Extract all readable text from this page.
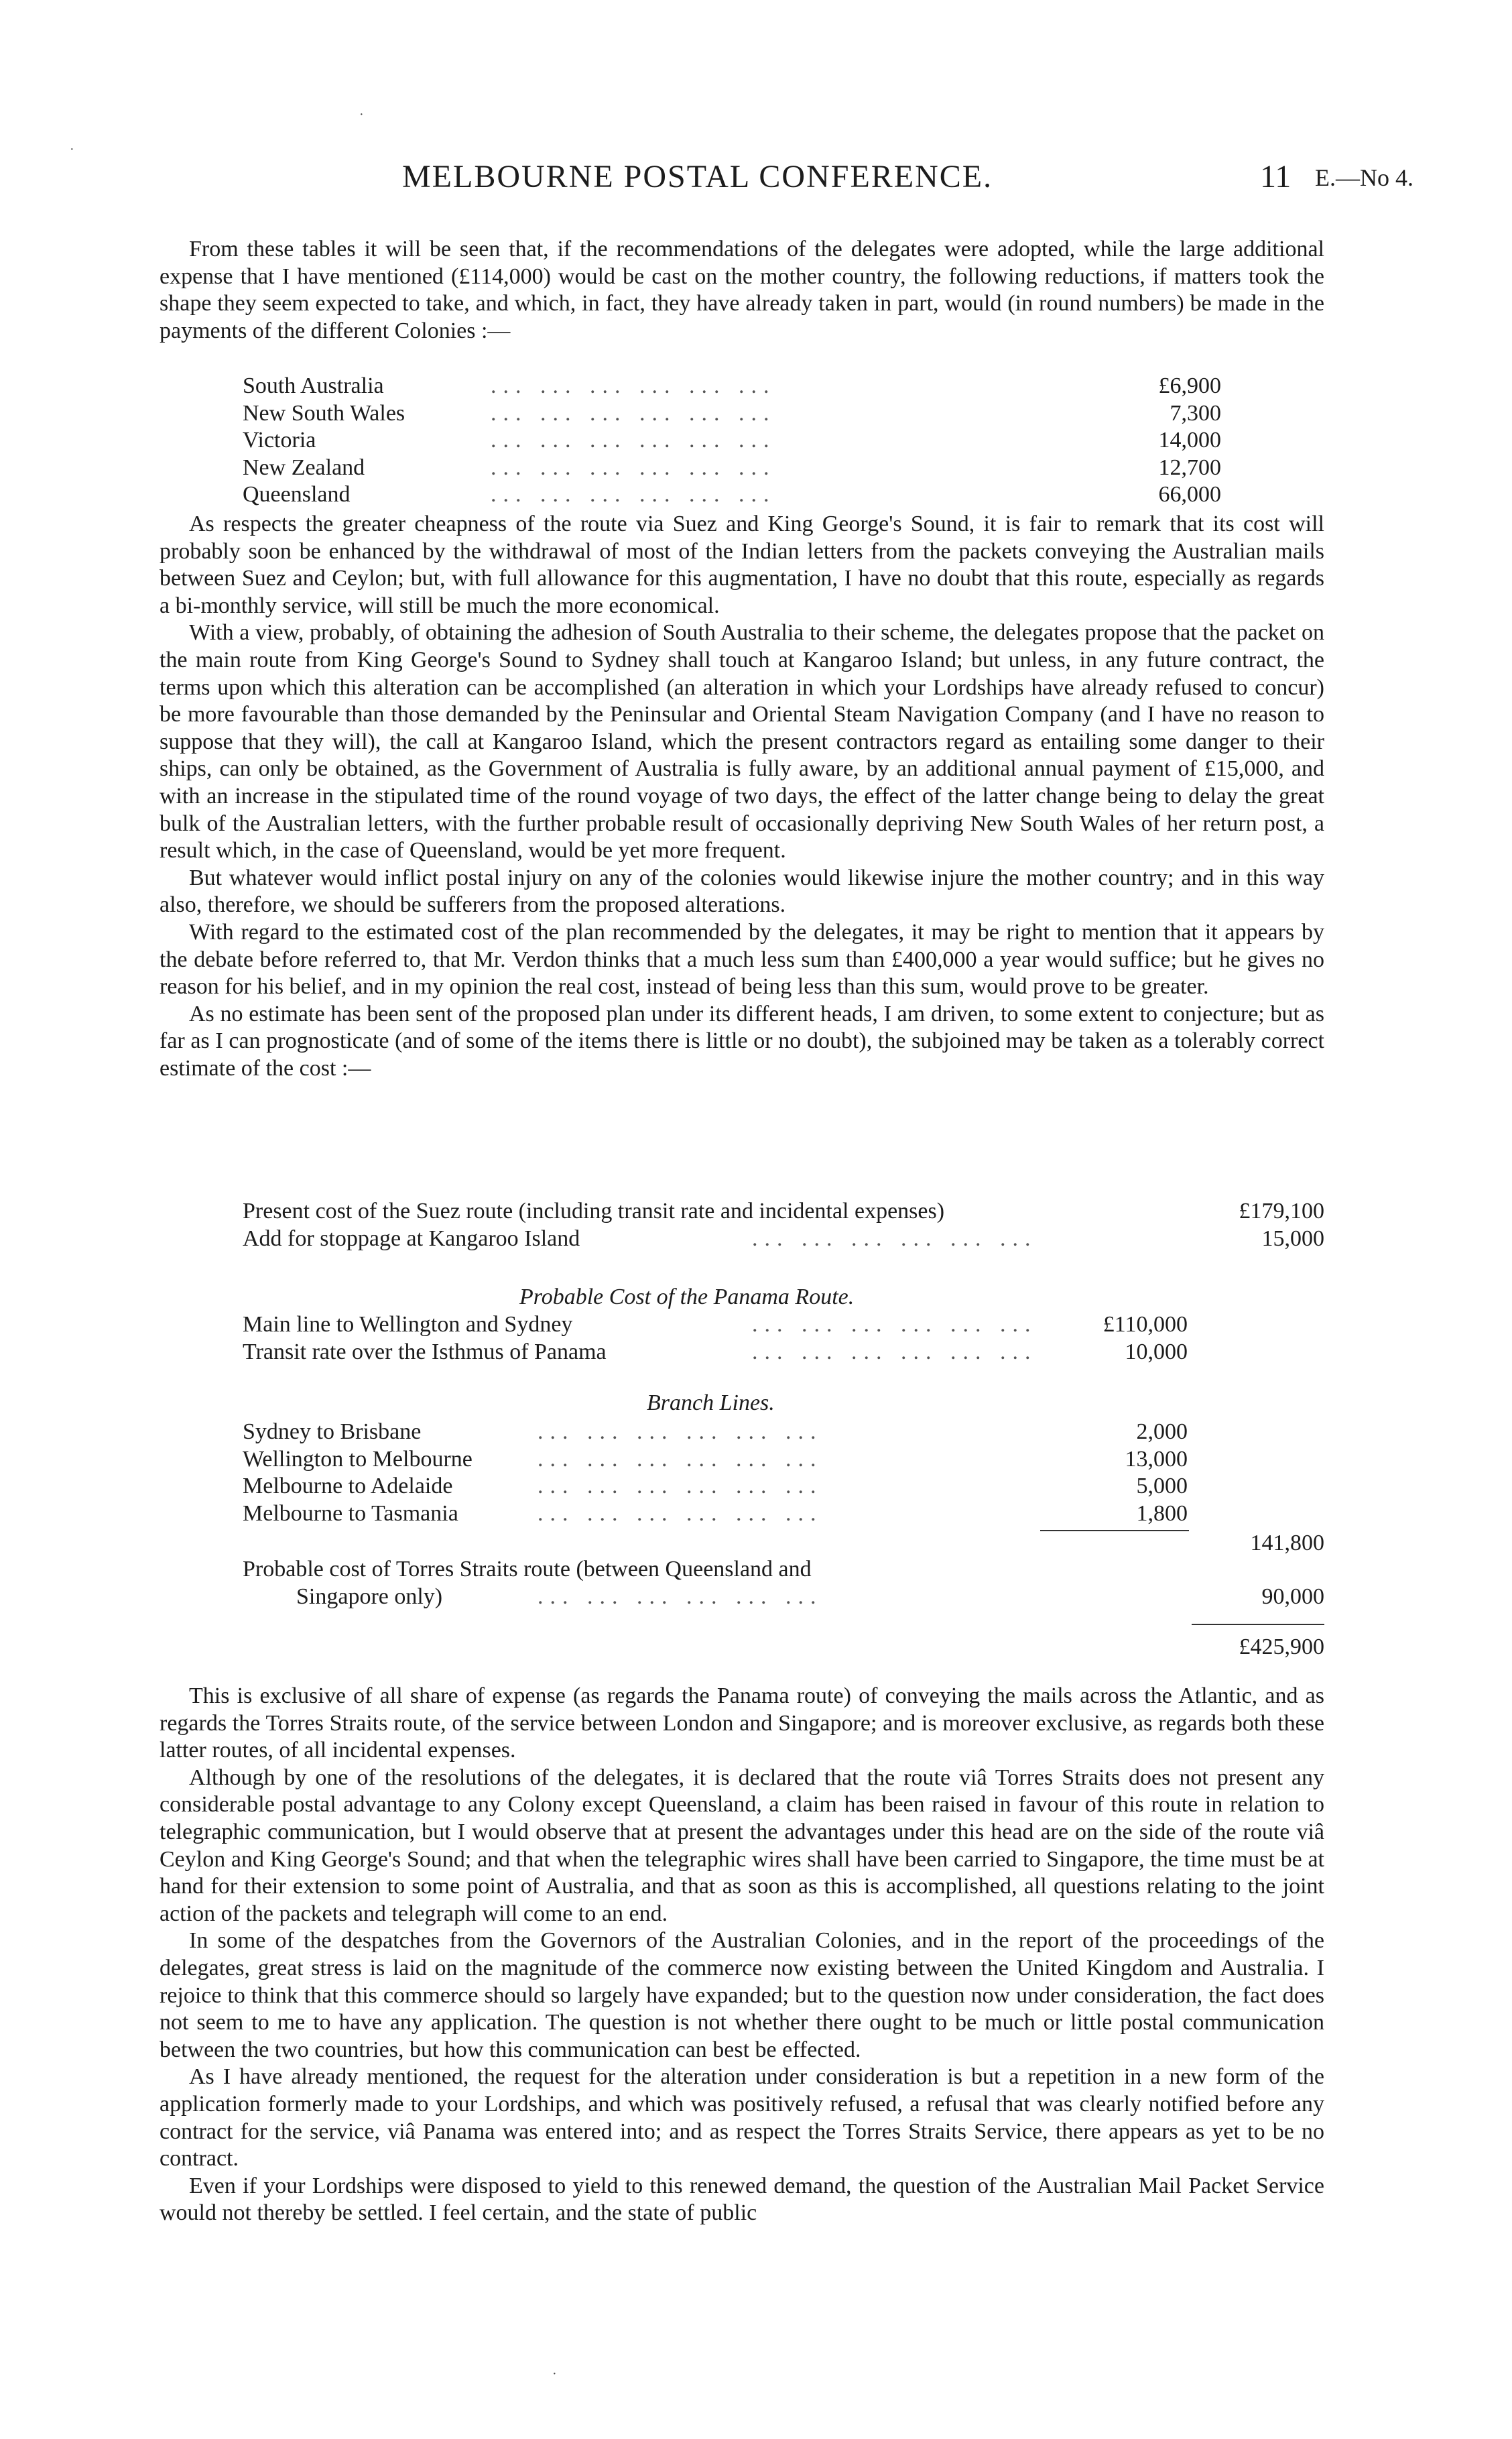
MELBOURNE POSTAL CONFERENCE.	11 E.—No 4.

From these tables it will be seen that, if the recommendations of the delegates were adopted, while the large additional expense that I have mentioned (£114,000) would be cast on the mother country, the following reductions, if matters took the shape they seem expected to take, and which, in fact, they have already taken in part, would (in round numbers) be made in the payments of the different Colonies :—

South Australia	... ... ... ... ... ...	£6,900
New South Wales	... ... ... ... ... ...	7,300
Victoria	... ... ... ... ... ...	14,000
New Zealand	... ... ... ... ... ...	12,700
Queensland	... ... ... ... ... ...	66,000

As respects the greater cheapness of the route via Suez and King George's Sound, it is fair to remark that its cost will probably soon be enhanced by the withdrawal of most of the Indian letters from the packets conveying the Australian mails between Suez and Ceylon; but, with full allowance for this augmentation, I have no doubt that this route, especially as regards a bi-monthly service, will still be much the more economical.

With a view, probably, of obtaining the adhesion of South Australia to their scheme, the delegates propose that the packet on the main route from King George's Sound to Sydney shall touch at Kangaroo Island; but unless, in any future contract, the terms upon which this alteration can be accomplished (an alteration in which your Lordships have already refused to concur) be more favourable than those demanded by the Peninsular and Oriental Steam Navigation Company (and I have no reason to suppose that they will), the call at Kangaroo Island, which the present contractors regard as entailing some danger to their ships, can only be obtained, as the Government of Australia is fully aware, by an additional annual payment of £15,000, and with an increase in the stipulated time of the round voyage of two days, the effect of the latter change being to delay the great bulk of the Australian letters, with the further probable result of occasionally depriving New South Wales of her return post, a result which, in the case of Queensland, would be yet more frequent.

But whatever would inflict postal injury on any of the colonies would likewise injure the mother country; and in this way also, therefore, we should be sufferers from the proposed alterations.

With regard to the estimated cost of the plan recommended by the delegates, it may be right to mention that it appears by the debate before referred to, that Mr. Verdon thinks that a much less sum than £400,000 a year would suffice; but he gives no reason for his belief, and in my opinion the real cost, instead of being less than this sum, would prove to be greater.

As no estimate has been sent of the proposed plan under its different heads, I am driven, to some extent to conjecture; but as far as I can prognosticate (and of some of the items there is little or no doubt), the subjoined may be taken as a tolerably correct estimate of the cost :—

Present cost of the Suez route (including transit rate and incidental expenses)	£179,100
Add for stoppage at Kangaroo Island	... ... ... ... ... ...	15,000
Probable Cost of the Panama Route.
Main line to Wellington and Sydney	... ... ... ... ... ...	£110,000
Transit rate over the Isthmus of Panama	... ... ... ... ... ...	10,000
Branch Lines.
Sydney to Brisbane	... ... ... ... ... ...	2,000
Wellington to Melbourne	... ... ... ... ... ...	13,000
Melbourne to Adelaide	... ... ... ... ... ...	5,000
Melbourne to Tasmania	... ... ... ... ... ...	1,800
141,800
Probable cost of Torres Straits route (between Queensland and
Singapore only)	... ... ... ... ... ...	90,000
£425,900

This is exclusive of all share of expense (as regards the Panama route) of conveying the mails across the Atlantic, and as regards the Torres Straits route, of the service between London and Singapore; and is moreover exclusive, as regards both these latter routes, of all incidental expenses.

Although by one of the resolutions of the delegates, it is declared that the route viâ Torres Straits does not present any considerable postal advantage to any Colony except Queensland, a claim has been raised in favour of this route in relation to telegraphic communication, but I would observe that at present the advantages under this head are on the side of the route viâ Ceylon and King George's Sound; and that when the telegraphic wires shall have been carried to Singapore, the time must be at hand for their extension to some point of Australia, and that as soon as this is accomplished, all questions relating to the joint action of the packets and telegraph will come to an end.

In some of the despatches from the Governors of the Australian Colonies, and in the report of the proceedings of the delegates, great stress is laid on the magnitude of the commerce now existing between the United Kingdom and Australia. I rejoice to think that this commerce should so largely have expanded; but to the question now under consideration, the fact does not seem to me to have any application. The question is not whether there ought to be much or little postal communication between the two countries, but how this communication can best be effected.

As I have already mentioned, the request for the alteration under consideration is but a repetition in a new form of the application formerly made to your Lordships, and which was positively refused, a refusal that was clearly notified before any contract for the service, viâ Panama was entered into; and as respect the Torres Straits Service, there appears as yet to be no contract.

Even if your Lordships were disposed to yield to this renewed demand, the question of the Australian Mail Packet Service would not thereby be settled. I feel certain, and the state of public

·
·
·
